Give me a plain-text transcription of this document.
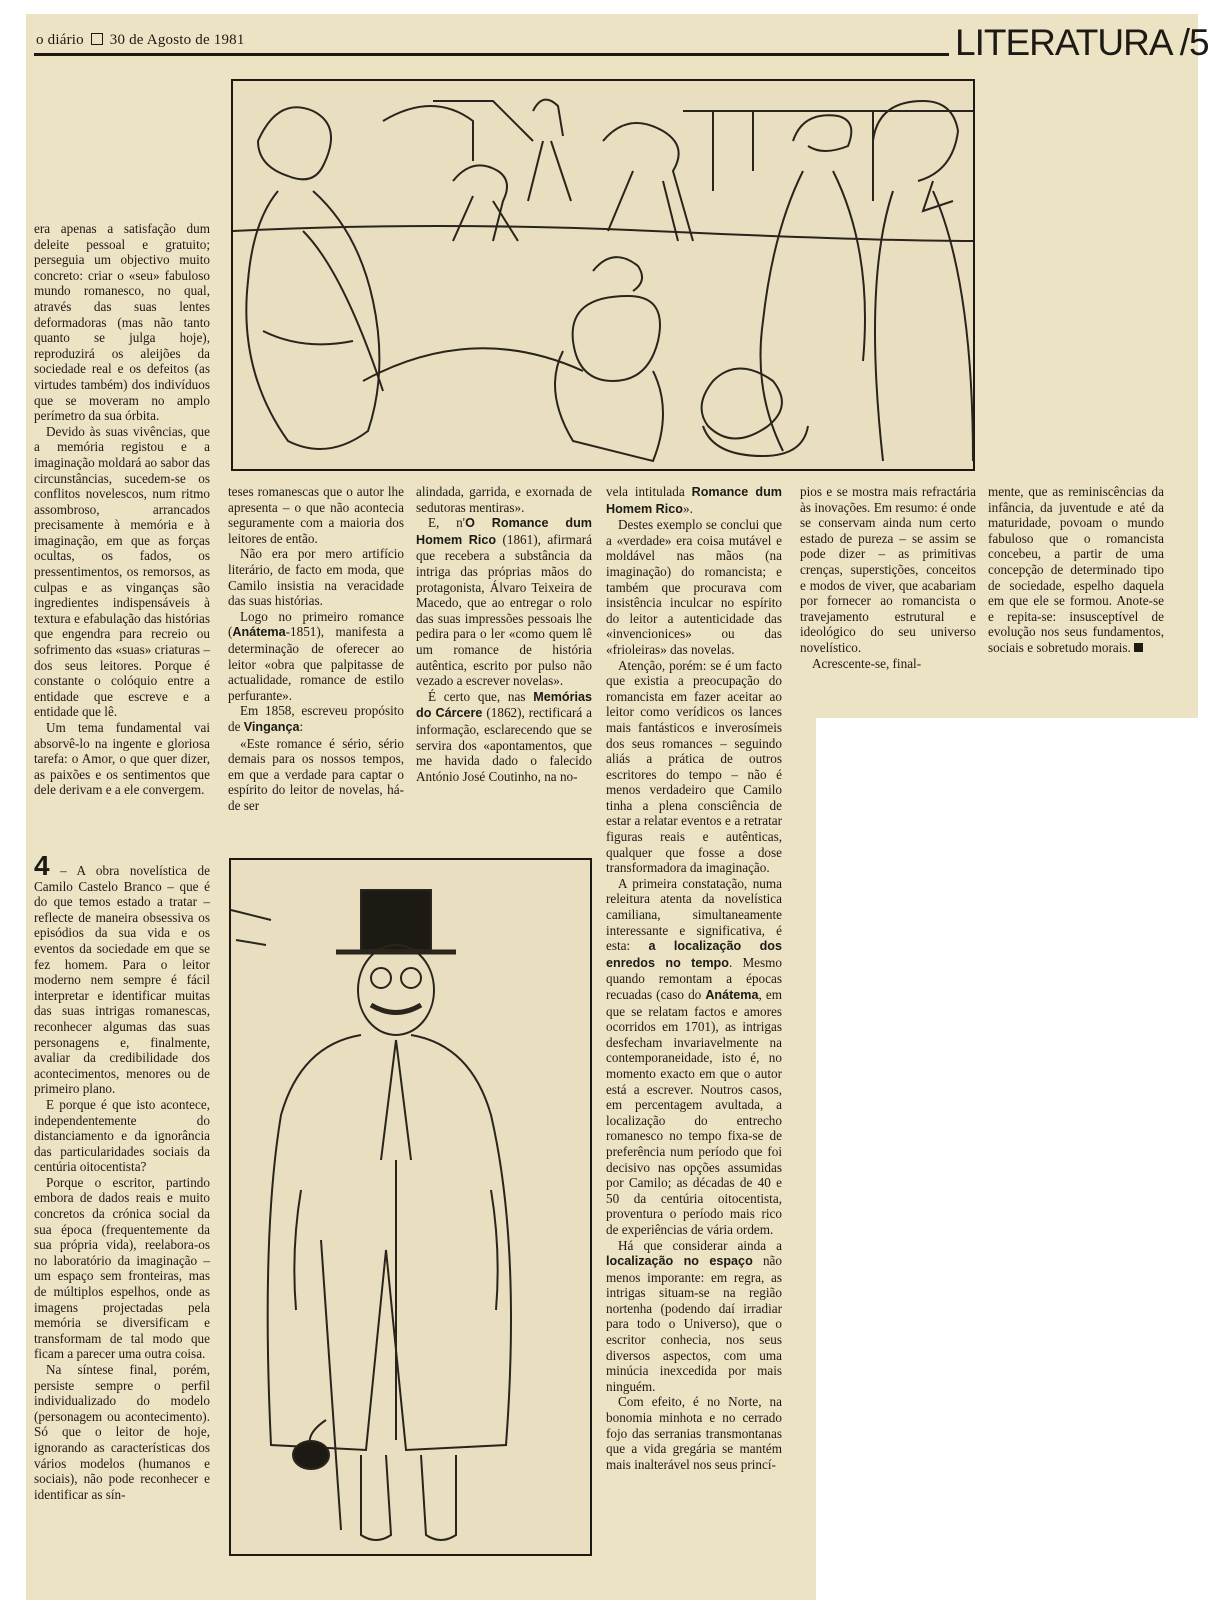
o diário 30 de Agosto de 1981	LITERATURA /5

era apenas a satisfação dum deleite pessoal e gratuito; perseguia um objectivo muito concreto: criar o «seu» fabuloso mundo romanesco, no qual, através das suas lentes deformadoras (mas não tanto quanto se julga hoje), reproduzirá os aleijões da sociedade real e os defeitos (as virtudes também) dos indivíduos que se moveram no amplo perímetro da sua órbita.

Devido às suas vivências, que a memória registou e a imaginação moldará ao sabor das circunstâncias, sucedem-se os conflitos novelescos, num ritmo assombroso, arrancados precisamente à memória e à imaginação, em que as forças ocultas, os fados, os pressentimentos, os remorsos, as culpas e as vinganças são ingredientes indispensáveis à textura e efabulação das histórias que engendra para recreio ou sofrimento das «suas» criaturas – dos seus leitores. Porque é constante o colóquio entre a entidade que escreve e a entidade que lê.

Um tema fundamental vai absorvê-lo na ingente e gloriosa tarefa: o Amor, o que quer dizer, as paixões e os sentimentos que dele derivam e a ele convergem.

4 – A obra novelística de Camilo Castelo Branco – que é do que temos estado a tratar – reflecte de maneira obsessiva os episódios da sua vida e os eventos da sociedade em que se fez homem. Para o leitor moderno nem sempre é fácil interpretar e identificar muitas das suas intrigas romanescas, reconhecer algumas das suas personagens e, finalmente, avaliar da credibilidade dos acontecimentos, menores ou de primeiro plano.

E porque é que isto acontece, independentemente do distanciamento e da ignorância das particularidades sociais da centúria oitocentista?

Porque o escritor, partindo embora de dados reais e muito concretos da crónica social da sua época (frequentemente da sua própria vida), reelabora-os no laboratório da imaginação – um espaço sem fronteiras, mas de múltiplos espelhos, onde as imagens projectadas pela memória se diversificam e transformam de tal modo que ficam a parecer uma outra coisa.

Na síntese final, porém, persiste sempre o perfil individualizado do modelo (personagem ou acontecimento). Só que o leitor de hoje, ignorando as características dos vários modelos (humanos e sociais), não pode reconhecer e identificar as sín-

teses romanescas que o autor lhe apresenta – o que não acontecia seguramente com a maioria dos leitores de então.

Não era por mero artifício literário, de facto em moda, que Camilo insistia na veracidade das suas histórias.

Logo no primeiro romance (Anátema-1851), manifesta a determinação de oferecer ao leitor «obra que palpitasse de actualidade, romance de estilo perfurante».

Em 1858, escreveu propósito de Vingança:

«Este romance é sério, sério demais para os nossos tempos, em que a verdade para captar o espírito do leitor de novelas, há-de ser

alindada, garrida, e exornada de sedutoras mentiras».

E, n'O Romance dum Homem Rico (1861), afirmará que recebera a substância da intriga das próprias mãos do protagonista, Álvaro Teixeira de Macedo, que ao entregar o rolo das suas impressões pessoais lhe pedira para o ler «como quem lê um romance de história autêntica, escrito por pulso não vezado a escrever novelas».

É certo que, nas Memórias do Cárcere (1862), rectificará a informação, esclarecendo que se servira dos «apontamentos, que me havida dado o falecido António José Coutinho, na no-

vela intitulada Romance dum Homem Rico».

Destes exemplo se conclui que a «verdade» era coisa mutável e moldável nas mãos (na imaginação) do romancista; e também que procurava com insistência inculcar no espírito do leitor a autenticidade das «invencionices» ou das «frioleiras» das novelas.

Atenção, porém: se é um facto que existia a preocupação do romancista em fazer aceitar ao leitor como verídicos os lances mais fantásticos e inverosímeis dos seus romances – seguindo aliás a prática de outros escritores do tempo – não é menos verdadeiro que Camilo tinha a plena consciência de estar a relatar eventos e a retratar figuras reais e autênticas, qualquer que fosse a dose transformadora da imaginação.

A primeira constatação, numa releitura atenta da novelística camiliana, simultaneamente interessante e significativa, é esta: a localização dos enredos no tempo. Mesmo quando remontam a épocas recuadas (caso do Anátema, em que se relatam factos e amores ocorridos em 1701), as intrigas desfecham invariavelmente na contemporaneidade, isto é, no momento exacto em que o autor está a escrever. Noutros casos, em percentagem avultada, a localização do entrecho romanesco no tempo fixa-se de preferência num período que foi decisivo nas opções assumidas por Camilo; as décadas de 40 e 50 da centúria oitocentista, proventura o período mais rico de experiências de vária ordem.

Há que considerar ainda a localização no espaço não menos imporante: em regra, as intrigas situam-se na região nortenha (podendo daí irradiar para todo o Universo), que o escritor conhecia, nos seus diversos aspectos, com uma minúcia inexcedida por mais ninguém.

Com efeito, é no Norte, na bonomia minhota e no cerrado fojo das serranias transmontanas que a vida gregária se mantém mais inalterável nos seus princí-

pios e se mostra mais refractária às inovações. Em resumo: é onde se conservam ainda num certo estado de pureza – se assim se pode dizer – as primitivas crenças, superstições, conceitos e modos de viver, que acabariam por fornecer ao romancista o travejamento estrutural e ideológico do seu universo novelístico.

Acrescente-se, final-

mente, que as reminiscências da infância, da juventude e até da maturidade, povoam o mundo fabuloso que o romancista concebeu, a partir de uma concepção de determinado tipo de sociedade, espelho daquela em que ele se formou. Anote-se e repita-se: insusceptível de evolução nos seus fundamentos, sociais e sobretudo morais.
